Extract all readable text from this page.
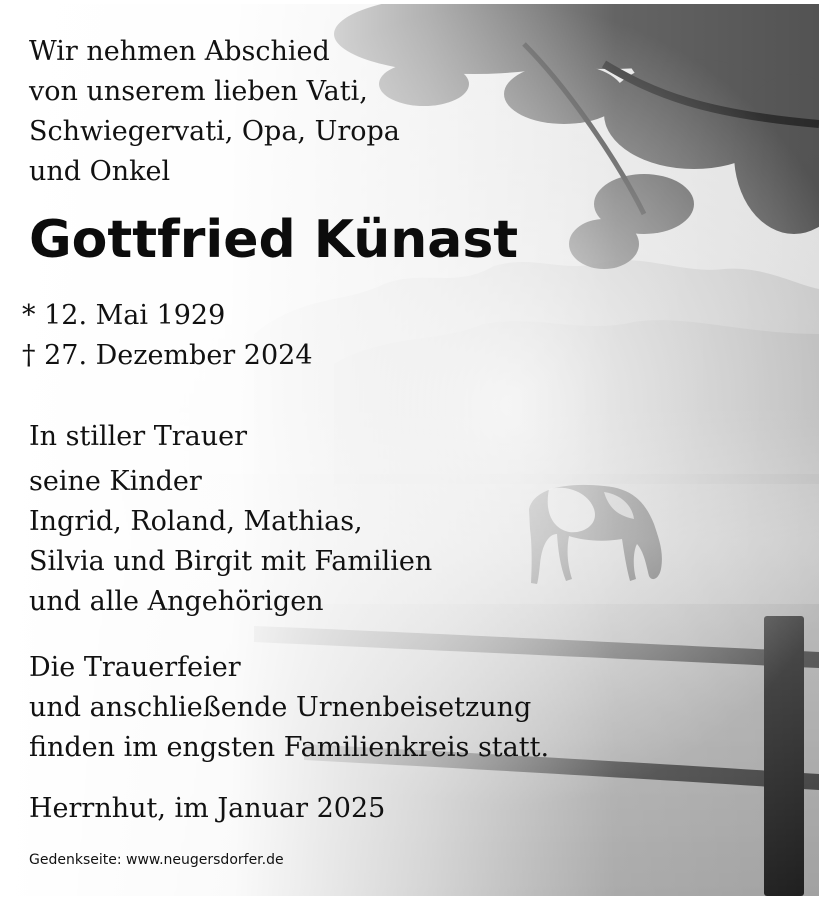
Wir nehmen Abschied
von unserem lieben Vati,
Schwiegervati, Opa, Uropa
und Onkel
Gottfried Künast
* 12. Mai 1929
† 27. Dezember 2024
In stiller Trauer
seine Kinder
Ingrid, Roland, Mathias,
Silvia und Birgit mit Familien
und alle Angehörigen
Die Trauerfeier
und anschließende Urnenbeisetzung
finden im engsten Familienkreis statt.
Herrnhut, im Januar 2025
Gedenkseite: www.neugersdorfer.de
